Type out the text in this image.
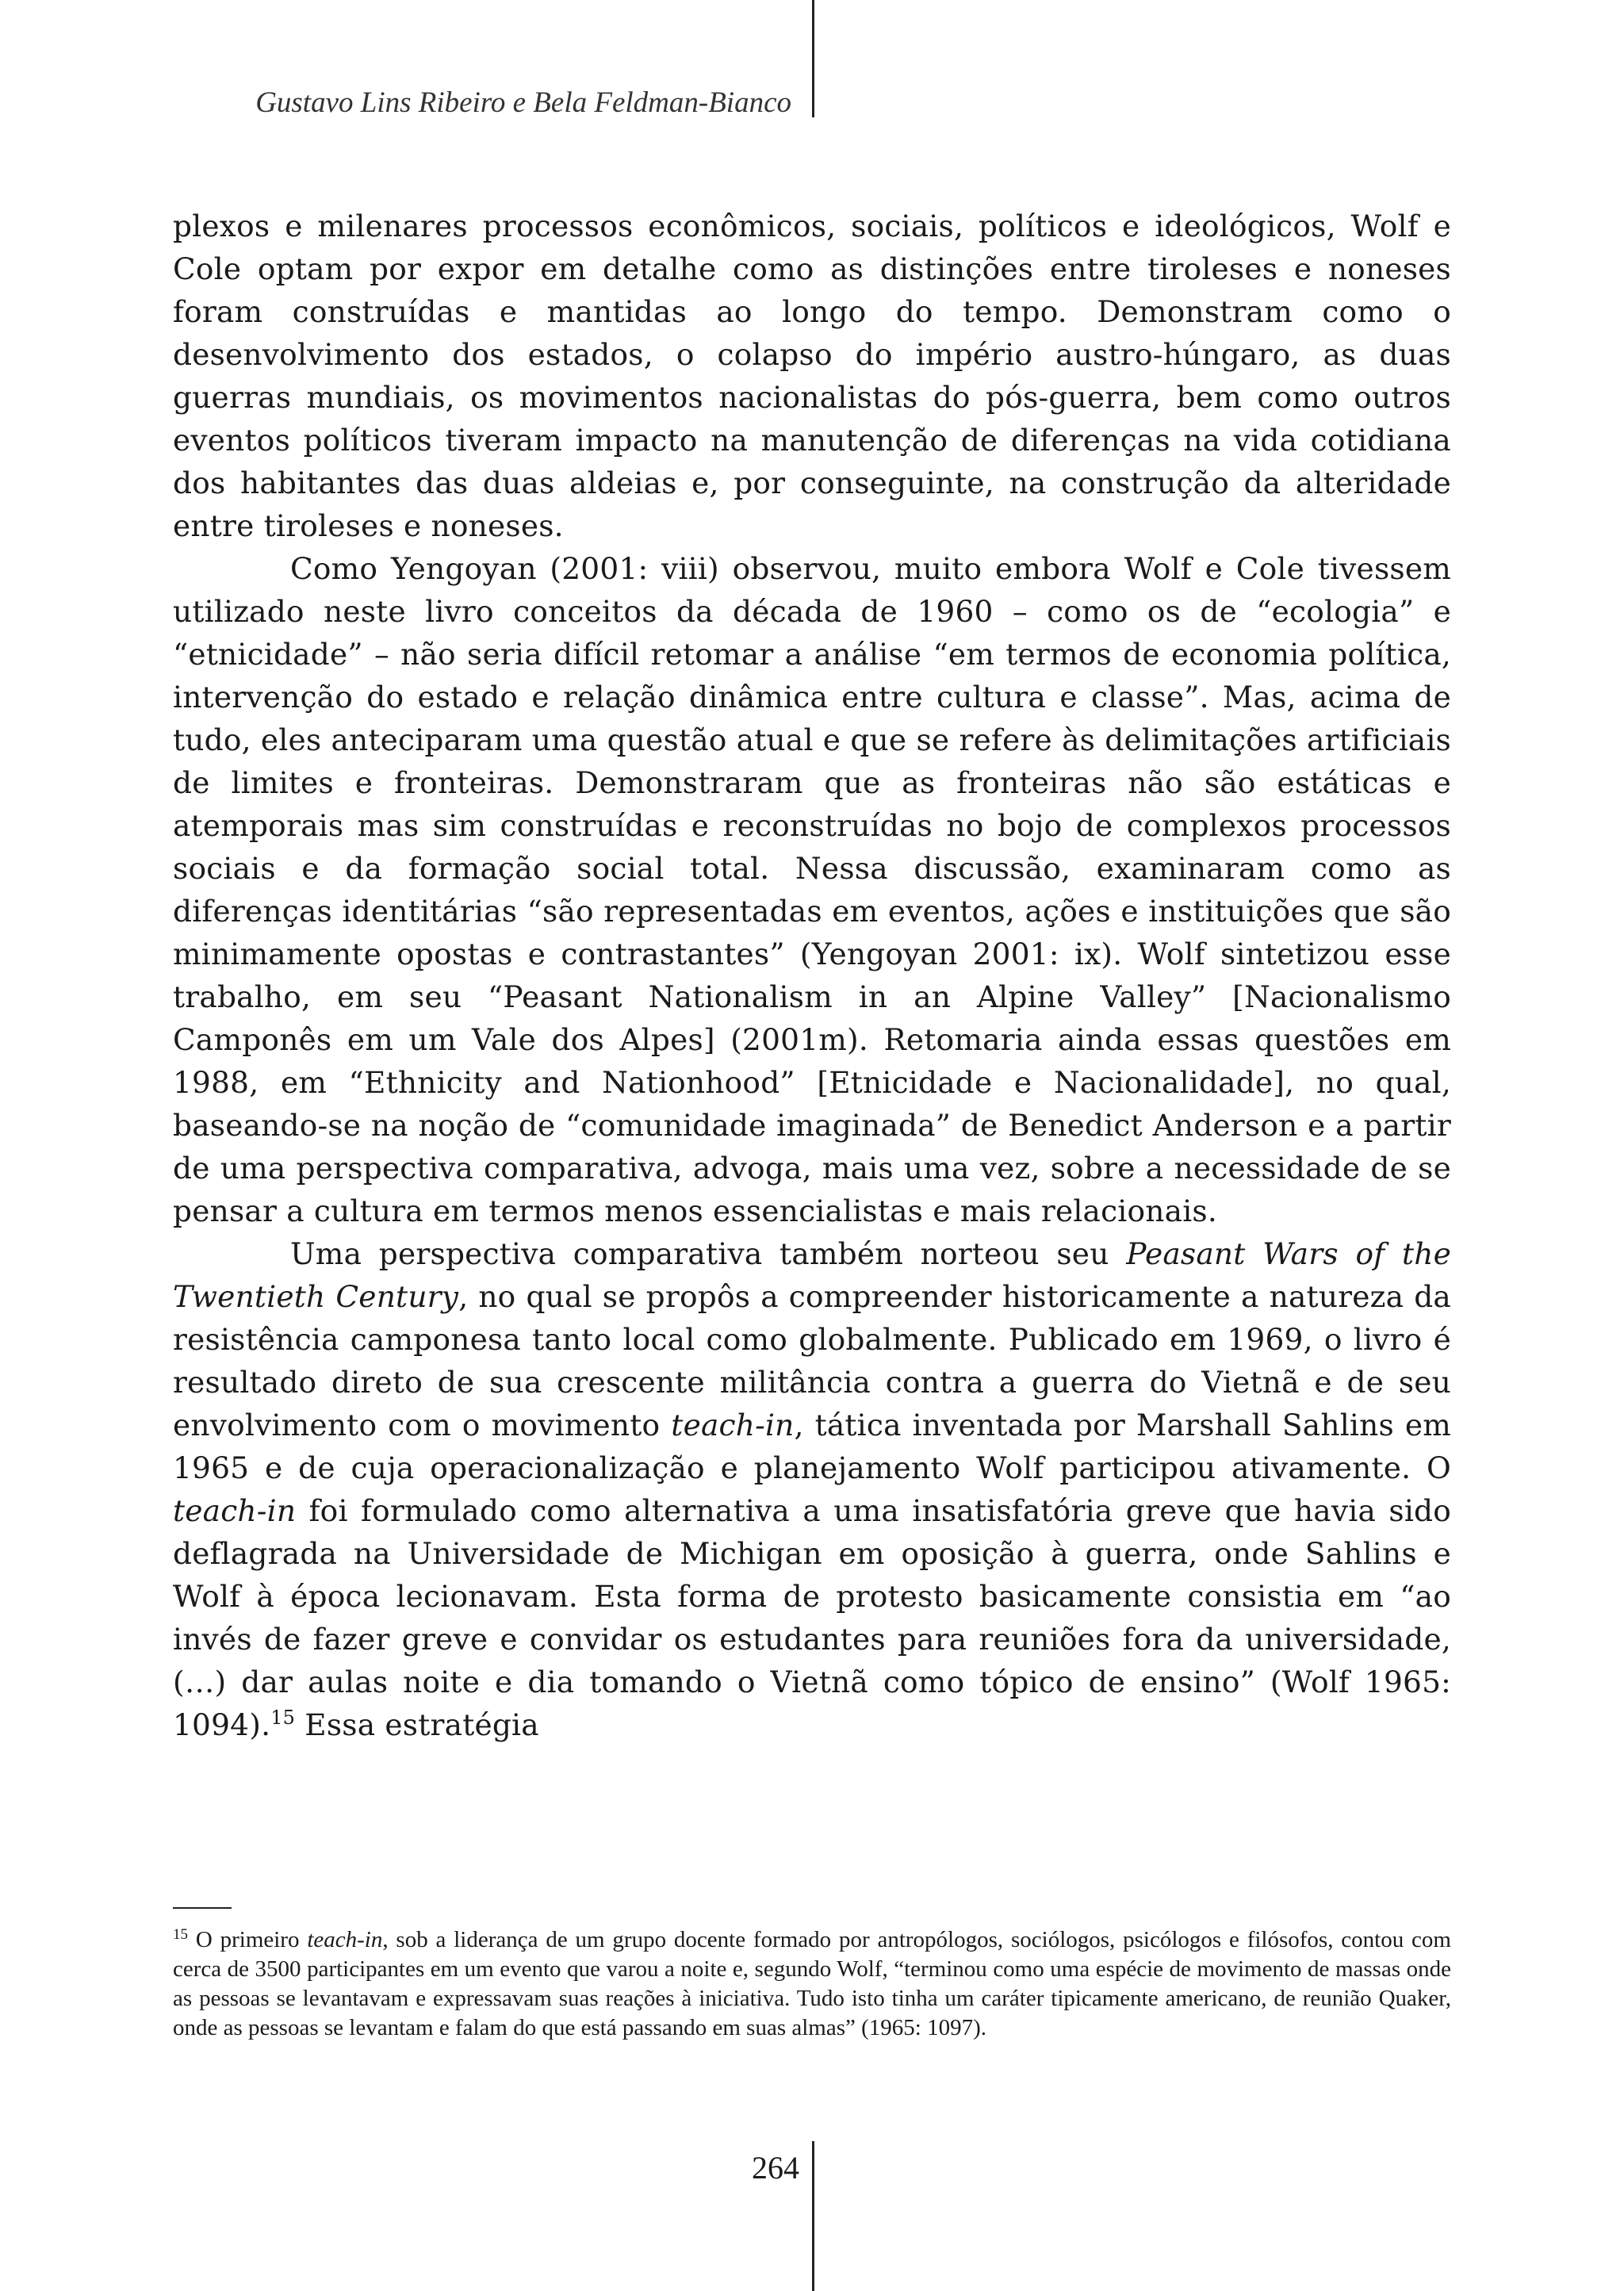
Gustavo Lins Ribeiro e Bela Feldman-Bianco

plexos e milenares processos econômicos, sociais, políticos e ideológicos, Wolf e Cole optam por expor em detalhe como as distinções entre tiroleses e noneses foram construídas e mantidas ao longo do tempo. Demonstram como o desenvolvimento dos estados, o colapso do império austro-húngaro, as duas guerras mundiais, os movimentos nacionalistas do pós-guerra, bem como outros eventos políticos tiveram impacto na manutenção de diferenças na vida cotidiana dos habitantes das duas aldeias e, por conseguinte, na construção da alteridade entre tiroleses e noneses.

Como Yengoyan (2001: viii) observou, muito embora Wolf e Cole tivessem utilizado neste livro conceitos da década de 1960 – como os de “ecologia” e “etnicidade” – não seria difícil retomar a análise “em termos de economia política, intervenção do estado e relação dinâmica entre cultura e classe”. Mas, acima de tudo, eles anteciparam uma questão atual e que se refere às delimitações artificiais de limites e fronteiras. Demonstraram que as fronteiras não são estáticas e atemporais mas sim construídas e reconstruídas no bojo de complexos processos sociais e da formação social total. Nessa discussão, examinaram como as diferenças identitárias “são representadas em eventos, ações e instituições que são minimamente opostas e contrastantes” (Yengoyan 2001: ix). Wolf sintetizou esse trabalho, em seu “Peasant Nationalism in an Alpine Valley” [Nacionalismo Camponês em um Vale dos Alpes] (2001m). Retomaria ainda essas questões em 1988, em “Ethnicity and Nationhood” [Etnicidade e Nacionalidade], no qual, baseando-se na noção de “comunidade imaginada” de Benedict Anderson e a partir de uma perspectiva comparativa, advoga, mais uma vez, sobre a necessidade de se pensar a cultura em termos menos essencialistas e mais relacionais.

Uma perspectiva comparativa também norteou seu Peasant Wars of the Twentieth Century, no qual se propôs a compreender historicamente a natureza da resistência camponesa tanto local como globalmente. Publicado em 1969, o livro é resultado direto de sua crescente militância contra a guerra do Vietnã e de seu envolvimento com o movimento teach-in, tática inventada por Marshall Sahlins em 1965 e de cuja operacionalização e planejamento Wolf participou ativamente. O teach-in foi formulado como alternativa a uma insatisfatória greve que havia sido deflagrada na Universidade de Michigan em oposição à guerra, onde Sahlins e Wolf à época lecionavam. Esta forma de protesto basicamente consistia em “ao invés de fazer greve e convidar os estudantes para reuniões fora da universidade, (…) dar aulas noite e dia tomando o Vietnã como tópico de ensino” (Wolf 1965: 1094).$^{15}$ Essa estratégia

$^{15}$ O primeiro teach-in, sob a liderança de um grupo docente formado por antropólogos, sociólogos, psicólogos e filósofos, contou com cerca de 3500 participantes em um evento que varou a noite e, segundo Wolf, “terminou como uma espécie de movimento de massas onde as pessoas se levantavam e expressavam suas reações à iniciativa. Tudo isto tinha um caráter tipicamente americano, de reunião Quaker, onde as pessoas se levantam e falam do que está passando em suas almas” (1965: 1097).

264
